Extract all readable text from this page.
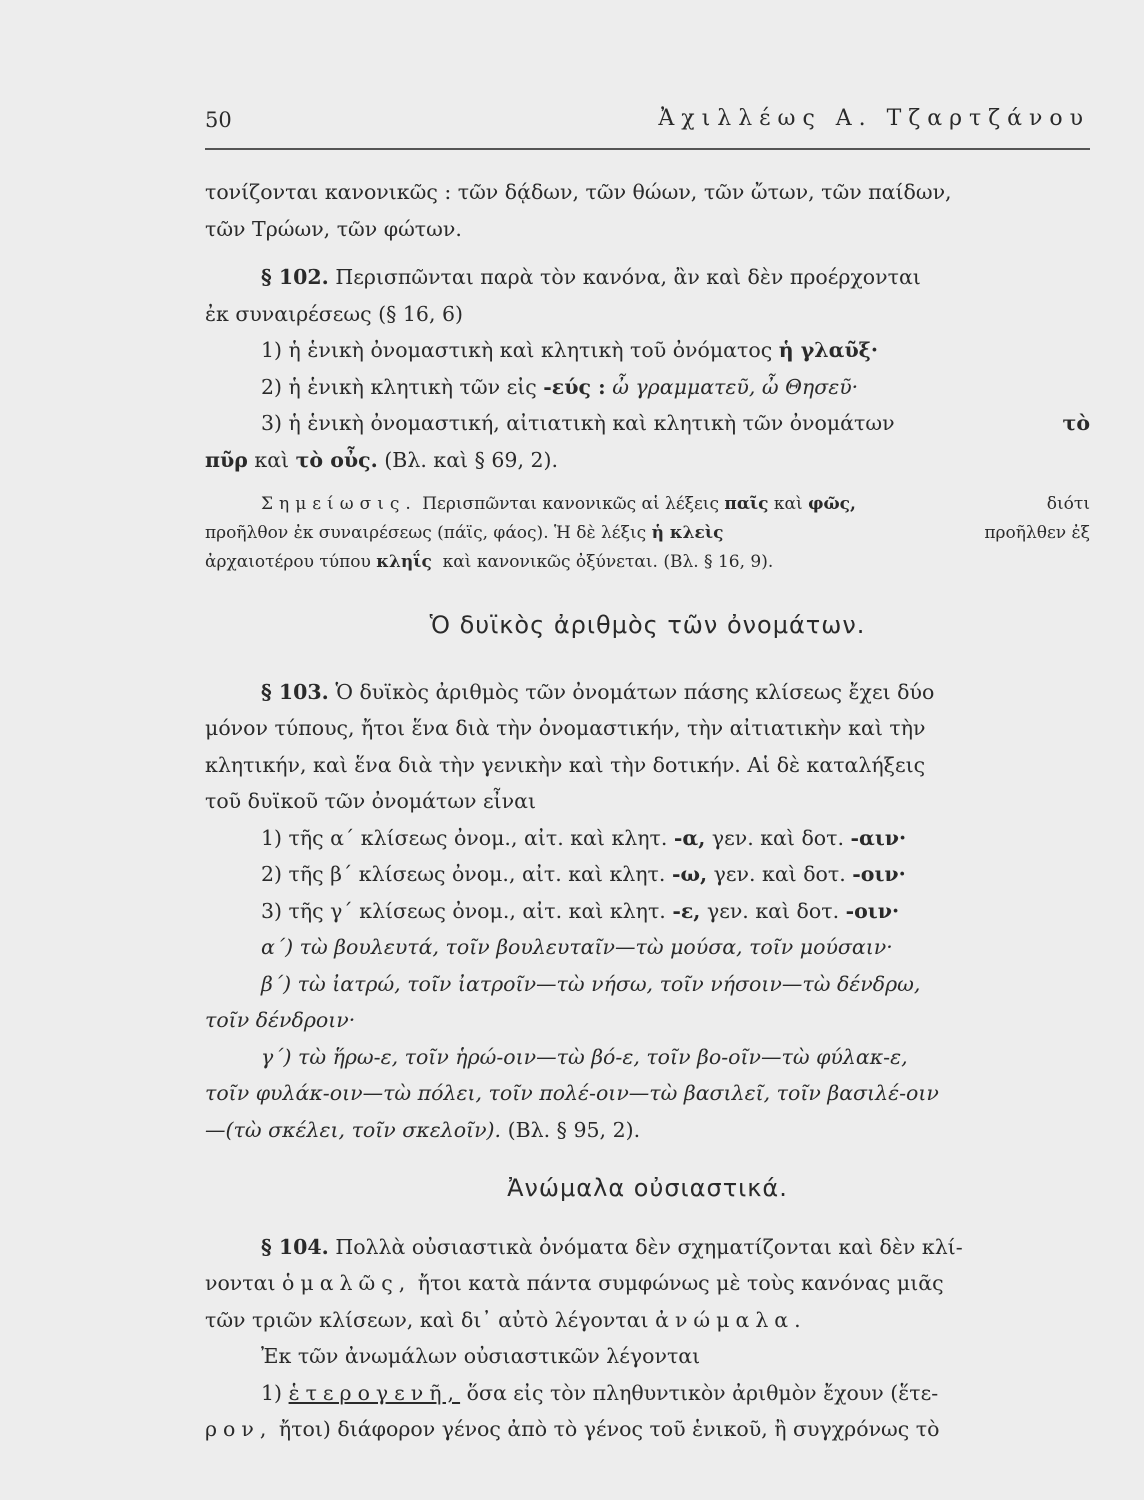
50	Ἀχιλλέως Α. Τζαρτζάνου
τονίζονται κανονικῶς : τῶν δᾴδων, τῶν θώων, τῶν ὤτων, τῶν παίδων,
τῶν Τρώων, τῶν φώτων.
§ 102. Περισπῶνται παρὰ τὸν κανόνα, ἂν καὶ δὲν προέρχονται
ἐκ συναιρέσεως (§ 16, 6)
1) ἡ ἑνικὴ ὀνομαστικὴ καὶ κλητικὴ τοῦ ὀνόματος
ἡ γλαῦξ·
2) ἡ ἑνικὴ κλητικὴ τῶν εἰς
-εύς :
ὦ γραμματεῦ, ὦ Θησεῦ·
3) ἡ ἑνικὴ ὀνομαστική, αἰτιατικὴ καὶ κλητικὴ τῶν ὀνομάτων	τὸ
πῦρ
καὶ
τὸ οὖς.
(Βλ. καὶ § 69, 2).
Σημείωσις. Περισπῶνται κανονικῶς αἱ λέξεις παῖς καὶ φῶς,	διότι
προῆλθον ἐκ συναιρέσεως (πάϊς, φάος). Ἡ δὲ λέξις ἡ κλεὶς	προῆλθεν ἐξ
ἀρχαιοτέρου τύπου
κληΐς
καὶ κανονικῶς ὀξύνεται. (Βλ. § 16, 9).
Ὁ δυϊκὸς ἀριθμὸς τῶν ὀνομάτων.
§ 103. Ὁ δυϊκὸς ἀριθμὸς τῶν ὀνομάτων πάσης κλίσεως ἔχει δύο
μόνον τύπους, ἤτοι ἕνα διὰ τὴν ὀνομαστικήν, τὴν αἰτιατικὴν καὶ τὴν
κλητικήν, καὶ ἕνα διὰ τὴν γενικὴν καὶ τὴν δοτικήν. Αἱ δὲ καταλήξεις
τοῦ δυϊκοῦ τῶν ὀνομάτων εἶναι
1) τῆς α΄ κλίσεως ὀνομ., αἰτ. καὶ κλητ.
-α,
γεν. καὶ δοτ.
-αιν·
2) τῆς β΄ κλίσεως ὀνομ., αἰτ. καὶ κλητ.
-ω,
γεν. καὶ δοτ.
-οιν·
3) τῆς γ΄ κλίσεως ὀνομ., αἰτ. καὶ κλητ.
-ε,
γεν. καὶ δοτ.
-οιν·
α΄) τὼ βουλευτά, τοῖν βουλευταῖν—τὼ μούσα, τοῖν μούσαιν·
β΄) τὼ ἰατρώ, τοῖν ἰατροῖν—τὼ νήσω, τοῖν νήσοιν—τὼ δένδρω,
τοῖν δένδροιν·
γ΄) τὼ ἥρω-ε, τοῖν ἡρώ-οιν—τὼ βό-ε, τοῖν βο-οῖν—τὼ φύλακ-ε,
τοῖν φυλάκ-οιν—τὼ πόλει, τοῖν πολέ-οιν—τὼ βασιλεῖ, τοῖν βασιλέ-οιν
—(τὼ σκέλει, τοῖν σκελοῖν).
(Βλ. § 95, 2).
Ἀνώμαλα οὐσιαστικά.
§ 104. Πολλὰ οὐσιαστικὰ ὀνόματα δὲν σχηματίζονται καὶ δὲν κλί-
νονται ὁμαλῶς, ἤτοι κατὰ πάντα συμφώνως μὲ τοὺς κανόνας μιᾶς
τῶν τριῶν κλίσεων, καὶ δι᾽ αὐτὸ λέγονται
ἀνώμαλα.
Ἐκ τῶν ἀνωμάλων οὐσιαστικῶν λέγονται
1) ἑτερογενῆ, ὅσα εἰς τὸν πληθυντικὸν ἀριθμὸν ἔχουν (ἕτε-
ρον, ἤτοι) διάφορον γένος ἀπὸ τὸ γένος τοῦ ἑνικοῦ, ἢ συγχρόνως τὸ
